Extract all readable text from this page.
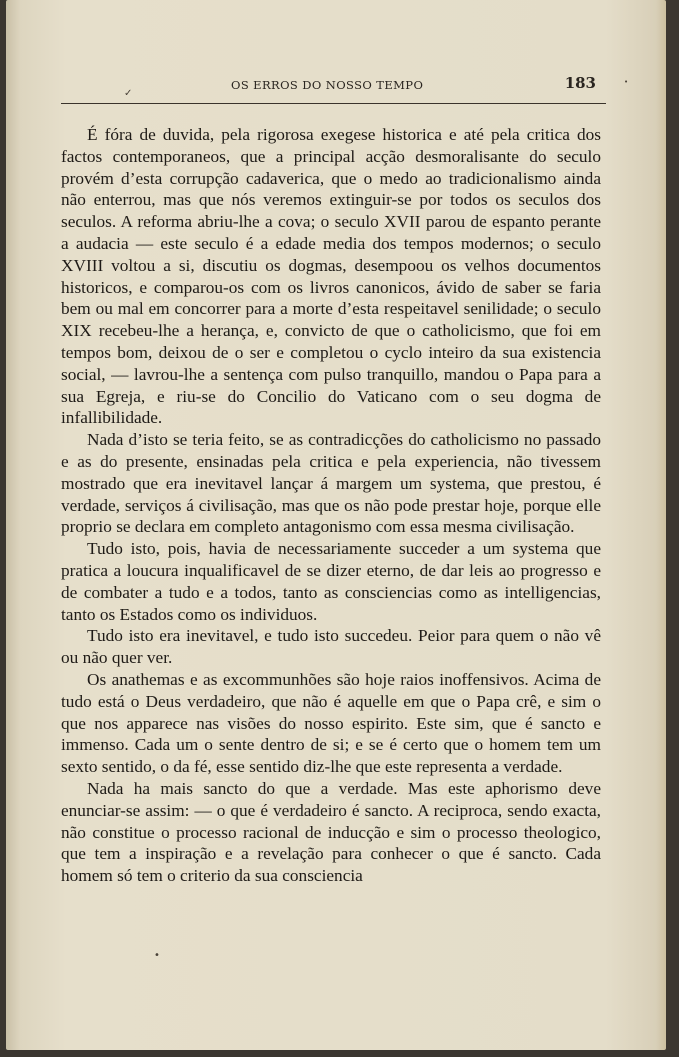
OS ERROS DO NOSSO TEMPO	183

É fóra de duvida, pela rigorosa exegese historica e até pela critica dos factos contemporaneos, que a principal acção desmoralisante do seculo provém d’esta corrupção cadaverica, que o medo ao tradicionalismo ainda não enterrou, mas que nós veremos extinguir-se por todos os seculos dos seculos. A reforma abriu-lhe a cova; o seculo XVII parou de espanto perante a audacia — este seculo é a edade media dos tempos modernos; o seculo XVIII voltou a si, discutiu os dogmas, desempoou os velhos documentos historicos, e comparou-os com os livros canonicos, ávido de saber se faria bem ou mal em concorrer para a morte d’esta respeitavel senilidade; o seculo XIX recebeu-lhe a herança, e, convicto de que o catholicismo, que foi em tempos bom, deixou de o ser e completou o cyclo inteiro da sua existencia social, — lavrou-lhe a sentença com pulso tranquillo, mandou o Papa para a sua Egreja, e riu-se do Concilio do Vaticano com o seu dogma de infallibilidade.

Nada d’isto se teria feito, se as contradicções do catholicismo no passado e as do presente, ensinadas pela critica e pela experiencia, não tivessem mostrado que era inevitavel lançar á margem um systema, que prestou, é verdade, serviços á civilisação, mas que os não pode prestar hoje, porque elle proprio se declara em completo antagonismo com essa mesma civilisação.

Tudo isto, pois, havia de necessariamente succeder a um systema que pratica a loucura inqualificavel de se dizer eterno, de dar leis ao progresso e de combater a tudo e a todos, tanto as consciencias como as intelligencias, tanto os Estados como os individuos.

Tudo isto era inevitavel, e tudo isto succedeu. Peior para quem o não vê ou não quer ver.

Os anathemas e as excommunhões são hoje raios inoffensivos. Acima de tudo está o Deus verdadeiro, que não é aquelle em que o Papa crê, e sim o que nos apparece nas visões do nosso espirito. Este sim, que é sancto e immenso. Cada um o sente dentro de si; e se é certo que o homem tem um sexto sentido, o da fé, esse sentido diz-lhe que este representa a verdade.

Nada ha mais sancto do que a verdade. Mas este aphorismo deve enunciar-se assim: — o que é verdadeiro é sancto. A reciproca, sendo exacta, não constitue o processo racional de inducção e sim o processo theologico, que tem a inspiração e a revelação para conhecer o que é sancto. Cada homem só tem o criterio da sua consciencia

✓
•
•
